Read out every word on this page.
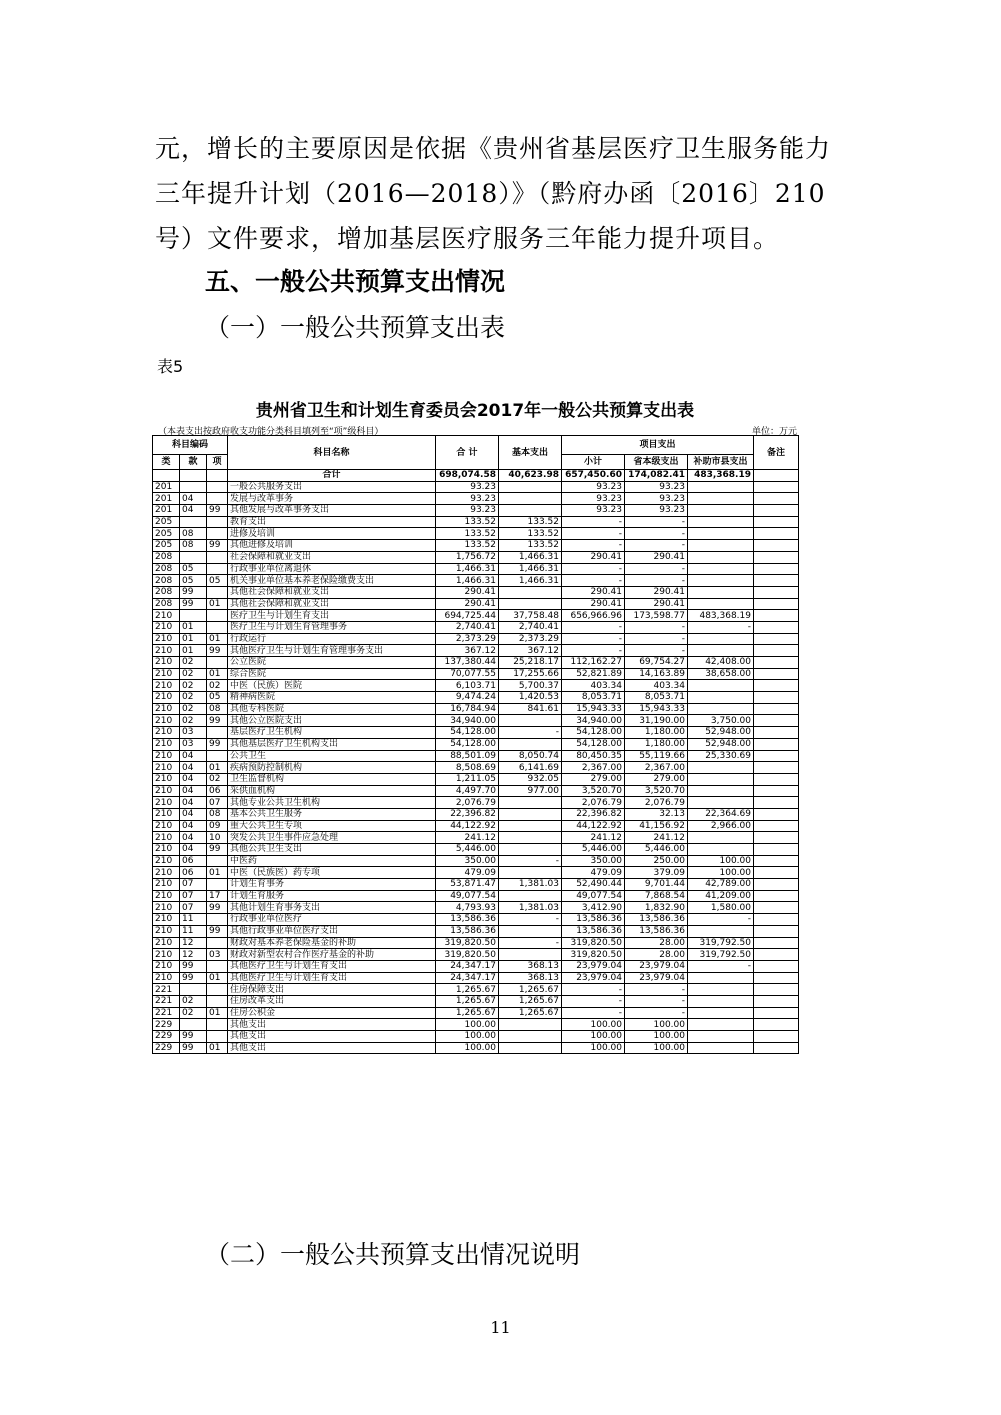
元，增长的主要原因是依据《贵州省基层医疗卫生服务能力三年提升计划（2016—2018）》（黔府办函〔2016〕210号）文件要求，增加基层医疗服务三年能力提升项目。

五、一般公共预算支出情况

（一）一般公共预算支出表

表5
贵州省卫生和计划生育委员会2017年一般公共预算支出表
（本表支出按政府收支功能分类科目填列至“项”级科目）	单位：万元
科目编码			科目名称	合 计	基本支出	项目支出			备注
类	款	项				小计	省本级支出	补助市县支出	

			合计	698,074.58	40,623.98	657,450.60	174,082.41	483,368.19	
201			一般公共服务支出	93.23		93.23	93.23		
201	04		发展与改革事务	93.23		93.23	93.23		
201	04	99	其他发展与改革事务支出	93.23		93.23	93.23		
205			教育支出	133.52	133.52	-	-		
205	08		进修及培训	133.52	133.52	-	-		
205	08	99	其他进修及培训	133.52	133.52	-	-		
208			社会保障和就业支出	1,756.72	1,466.31	290.41	290.41		
208	05		行政事业单位离退休	1,466.31	1,466.31	-	-		
208	05	05	机关事业单位基本养老保险缴费支出	1,466.31	1,466.31	-	-		
208	99		其他社会保障和就业支出	290.41		290.41	290.41		
208	99	01	其他社会保障和就业支出	290.41		290.41	290.41		
210			医疗卫生与计划生育支出	694,725.44	37,758.48	656,966.96	173,598.77	483,368.19	
210	01		医疗卫生与计划生育管理事务	2,740.41	2,740.41	-	-	-	
210	01	01	行政运行	2,373.29	2,373.29	-	-		
210	01	99	其他医疗卫生与计划生育管理事务支出	367.12	367.12	-	-		
210	02		公立医院	137,380.44	25,218.17	112,162.27	69,754.27	42,408.00	
210	02	01	综合医院	70,077.55	17,255.66	52,821.89	14,163.89	38,658.00	
210	02	02	中医（民族）医院	6,103.71	5,700.37	403.34	403.34		
210	02	05	精神病医院	9,474.24	1,420.53	8,053.71	8,053.71		
210	02	08	其他专科医院	16,784.94	841.61	15,943.33	15,943.33		
210	02	99	其他公立医院支出	34,940.00		34,940.00	31,190.00	3,750.00	
210	03		基层医疗卫生机构	54,128.00	-	54,128.00	1,180.00	52,948.00	
210	03	99	其他基层医疗卫生机构支出	54,128.00		54,128.00	1,180.00	52,948.00	
210	04		公共卫生	88,501.09	8,050.74	80,450.35	55,119.66	25,330.69	
210	04	01	疾病预防控制机构	8,508.69	6,141.69	2,367.00	2,367.00		
210	04	02	卫生监督机构	1,211.05	932.05	279.00	279.00		
210	04	06	采供血机构	4,497.70	977.00	3,520.70	3,520.70		
210	04	07	其他专业公共卫生机构	2,076.79		2,076.79	2,076.79		
210	04	08	基本公共卫生服务	22,396.82		22,396.82	32.13	22,364.69	
210	04	09	重大公共卫生专项	44,122.92		44,122.92	41,156.92	2,966.00	
210	04	10	突发公共卫生事件应急处理	241.12		241.12	241.12		
210	04	99	其他公共卫生支出	5,446.00		5,446.00	5,446.00		
210	06		中医药	350.00	-	350.00	250.00	100.00	
210	06	01	中医（民族医）药专项	479.09		479.09	379.09	100.00	
210	07		计划生育事务	53,871.47	1,381.03	52,490.44	9,701.44	42,789.00	
210	07	17	计划生育服务	49,077.54		49,077.54	7,868.54	41,209.00	
210	07	99	其他计划生育事务支出	4,793.93	1,381.03	3,412.90	1,832.90	1,580.00	
210	11		行政事业单位医疗	13,586.36	-	13,586.36	13,586.36	-	
210	11	99	其他行政事业单位医疗支出	13,586.36		13,586.36	13,586.36		
210	12		财政对基本养老保险基金的补助	319,820.50	-	319,820.50	28.00	319,792.50	
210	12	03	财政对新型农村合作医疗基金的补助	319,820.50		319,820.50	28.00	319,792.50	
210	99		其他医疗卫生与计划生育支出	24,347.17	368.13	23,979.04	23,979.04	-	
210	99	01	其他医疗卫生与计划生育支出	24,347.17	368.13	23,979.04	23,979.04		
221			住房保障支出	1,265.67	1,265.67	-	-		
221	02		住房改革支出	1,265.67	1,265.67	-	-		
221	02	01	住房公积金	1,265.67	1,265.67	-	-		
229			其他支出	100.00		100.00	100.00		
229	99		其他支出	100.00		100.00	100.00		
229	99	01	其他支出	100.00		100.00	100.00		

（二）一般公共预算支出情况说明

11
